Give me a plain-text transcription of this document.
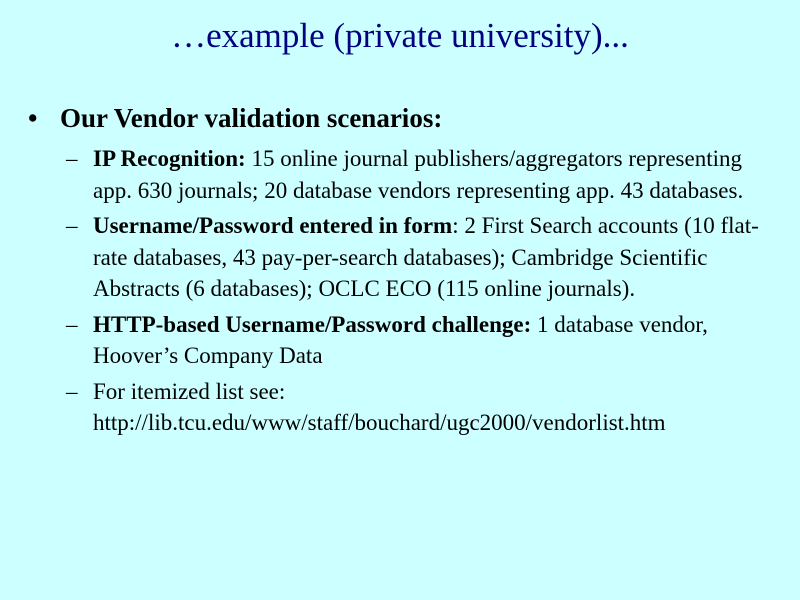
…example (private university)...
• Our Vendor validation scenarios:
– IP Recognition: 15 online journal publishers/aggregators representing app. 630 journals; 20 database vendors representing app. 43 databases.
– Username/Password entered in form: 2 First Search accounts (10 flat-rate databases, 43 pay-per-search databases); Cambridge Scientific Abstracts (6 databases); OCLC ECO (115 online journals).
– HTTP-based Username/Password challenge: 1 database vendor, Hoover’s Company Data
– For itemized list see: http://lib.tcu.edu/www/staff/bouchard/ugc2000/vendorlist.htm
